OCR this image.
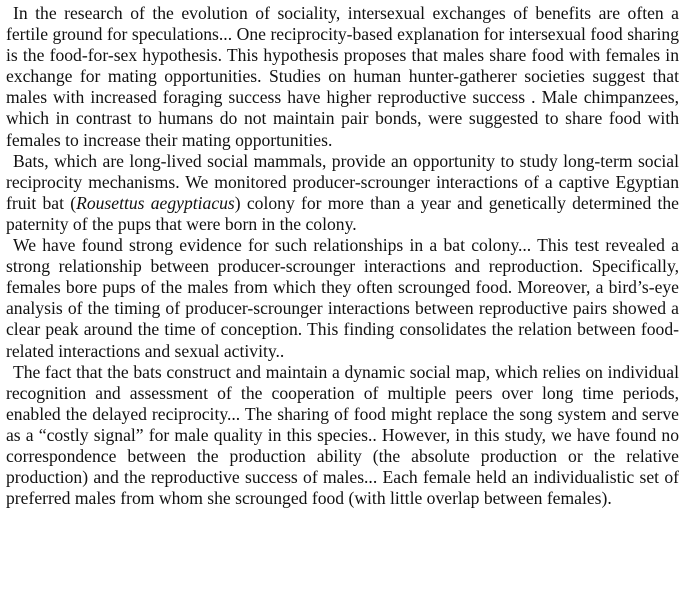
In the research of the evolution of sociality, intersexual exchanges of benefits are often a fertile ground for speculations... One reciprocity-based explanation for intersexual food sharing is the food-for-sex hypothesis. This hypothesis proposes that males share food with females in exchange for mating opportunities. Studies on human hunter-gatherer societies suggest that males with increased foraging success have higher reproductive success . Male chimpanzees, which in contrast to humans do not maintain pair bonds, were suggested to share food with females to increase their mating opportunities.

Bats, which are long-lived social mammals, provide an opportunity to study long-term social reciprocity mechanisms. We monitored producer-scrounger interactions of a captive Egyptian fruit bat (Rousettus aegyptiacus) colony for more than a year and genetically determined the paternity of the pups that were born in the colony.

We have found strong evidence for such relationships in a bat colony... This test revealed a strong relationship between producer-scrounger interactions and reproduction. Specifically, females bore pups of the males from which they often scrounged food. Moreover, a bird’s-eye analysis of the timing of producer-scrounger interactions between reproductive pairs showed a clear peak around the time of conception. This finding consolidates the relation between food-related interactions and sexual activity..

The fact that the bats construct and maintain a dynamic social map, which relies on individual recognition and assessment of the cooperation of multiple peers over long time periods, enabled the delayed reciprocity... The sharing of food might replace the song system and serve as a “costly signal” for male quality in this species.. However, in this study, we have found no correspondence between the production ability (the absolute production or the relative production) and the reproductive success of males... Each female held an individualistic set of preferred males from whom she scrounged food (with little overlap between females).
